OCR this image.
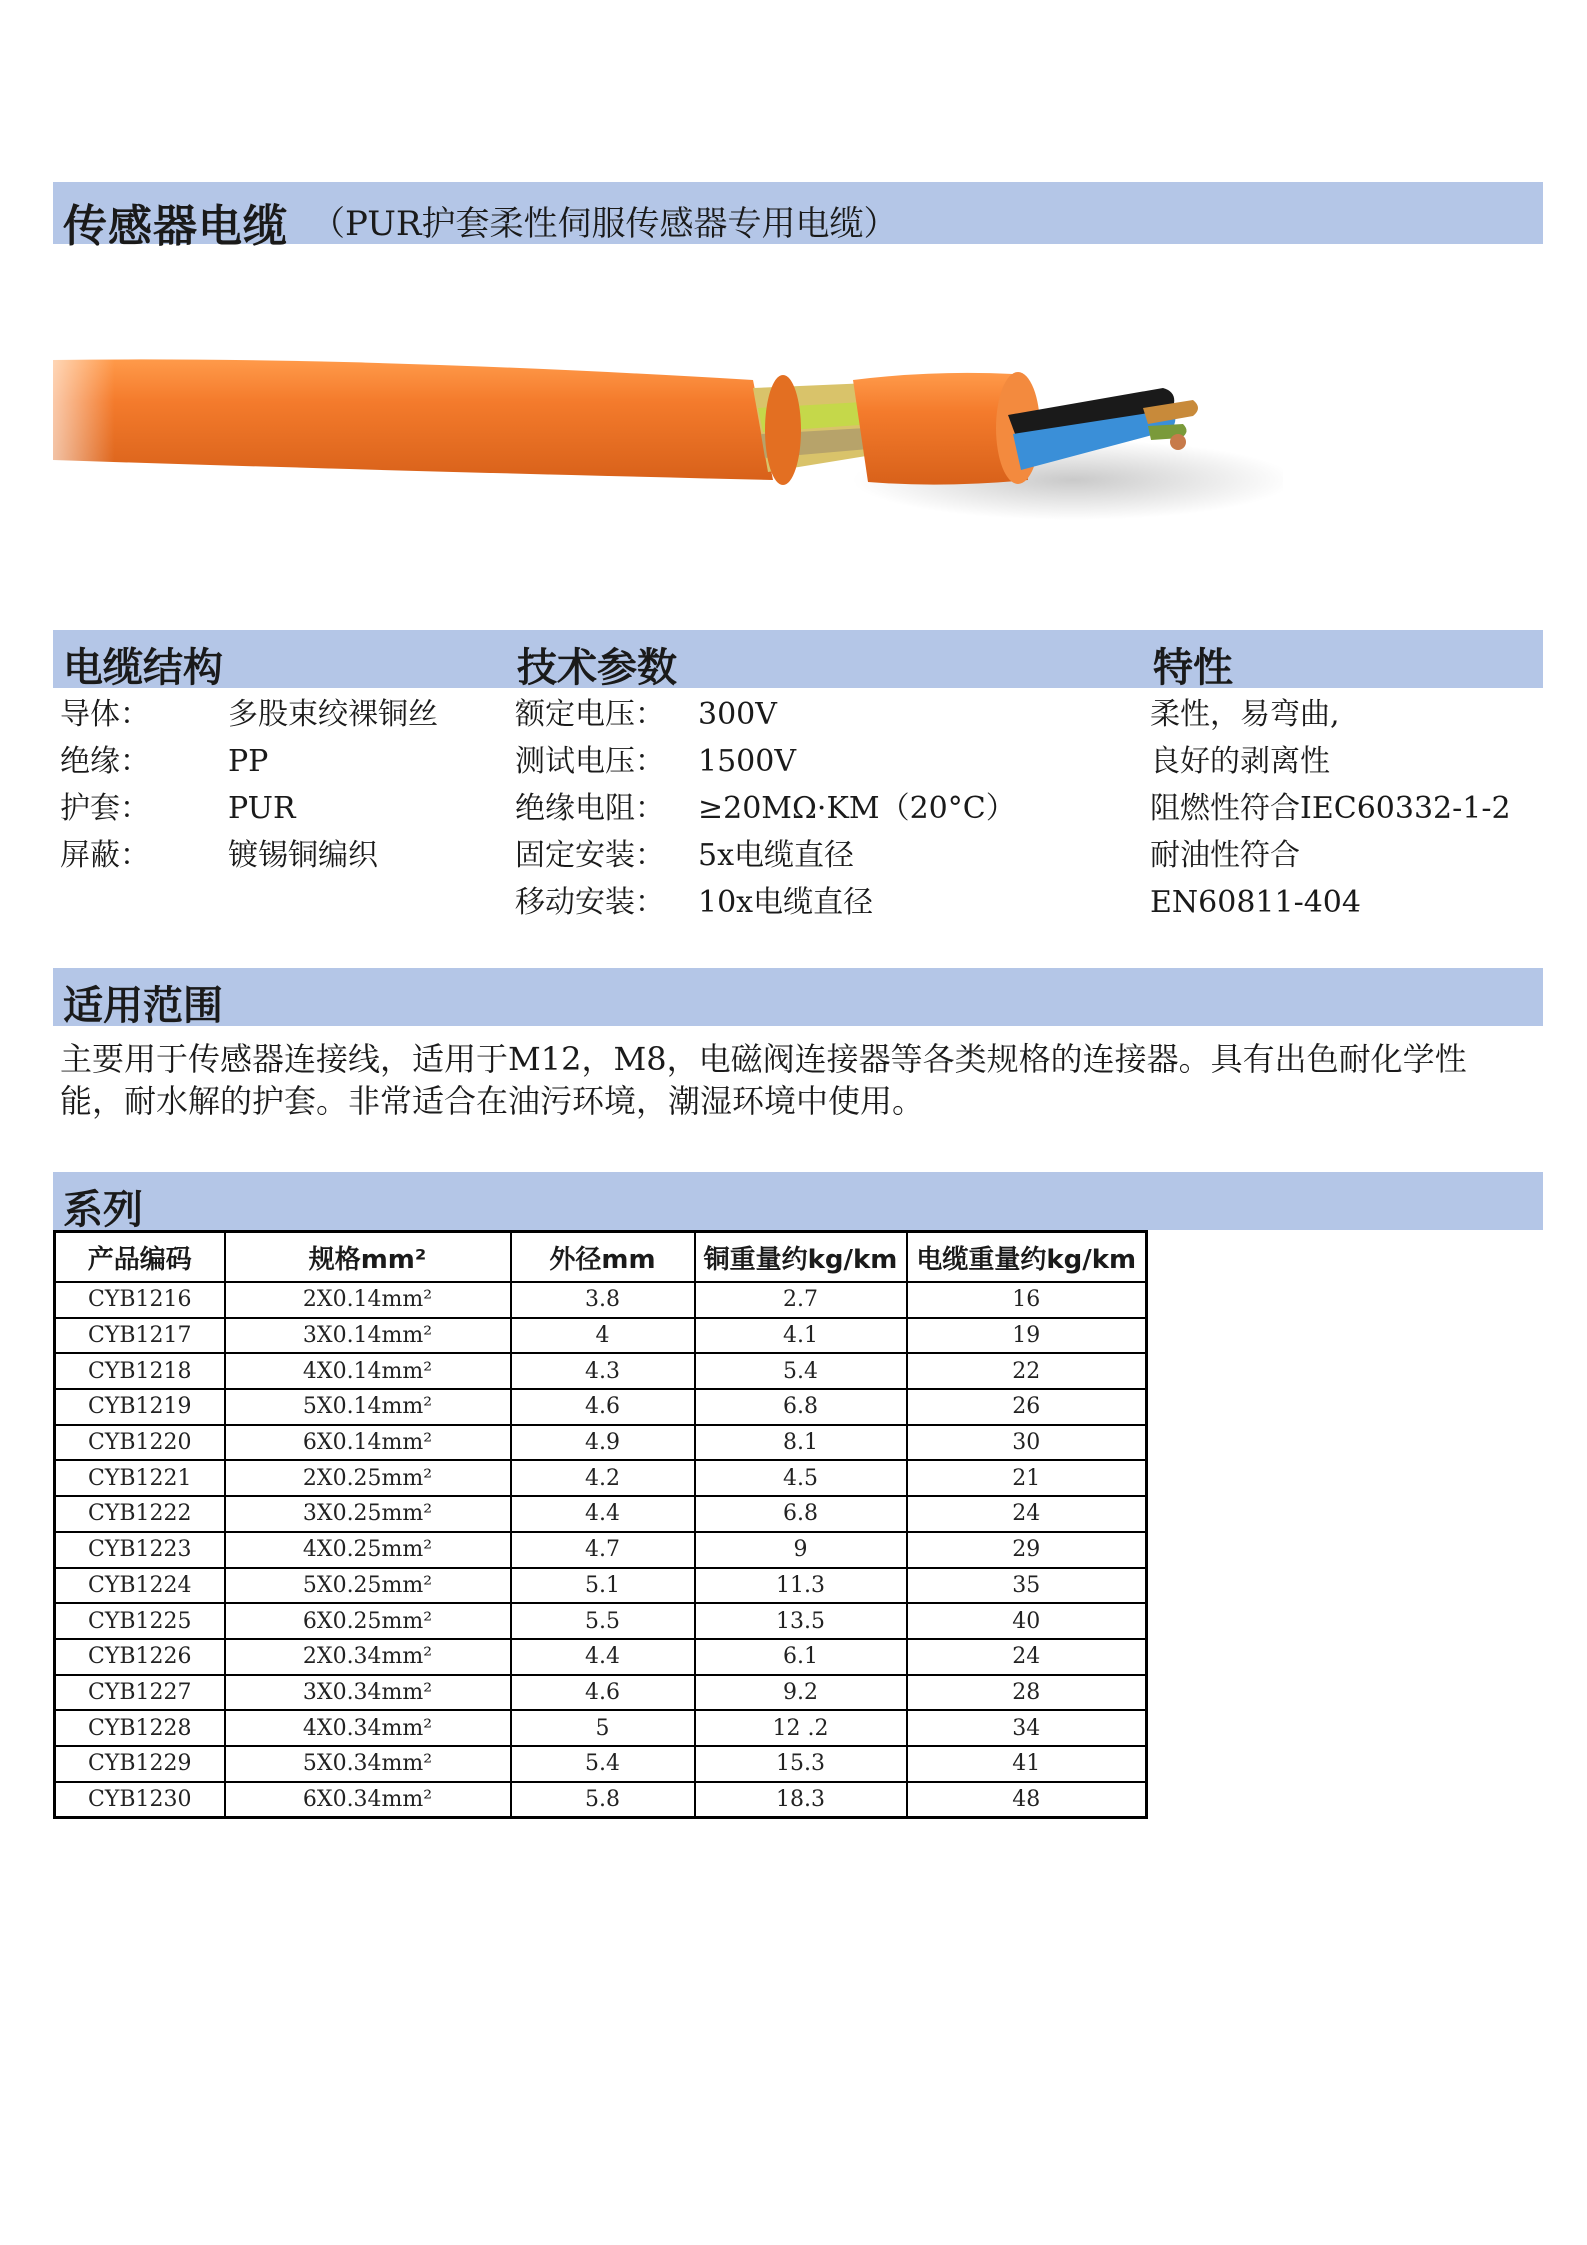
传感器电缆 （PUR护套柔性伺服传感器专用电缆）
电缆结构	技术参数	特性
导体：	多股束绞裸铜丝
绝缘：	PP
护套：	PUR
屏蔽：	镀锡铜编织
额定电压： 300V
测试电压： 1500V
绝缘电阻： ≥20MΩ·KM（20°C）
固定安装： 5x电缆直径
移动安装： 10x电缆直径
柔性，易弯曲,
良好的剥离性
阻燃性符合IEC60332-1-2
耐油性符合
EN60811-404
适用范围
主要用于传感器连接线，适用于M12，M8，电磁阀连接器等各类规格的连接器。具有出色耐化学性能，耐水解的护套。非常适合在油污环境，潮湿环境中使用。
系列
产品编码	规格mm²	外径mm	铜重量约kg/km	电缆重量约kg/km
CYB1216	2X0.14mm²	3.8	2.7	16
CYB1217	3X0.14mm²	4	4.1	19
CYB1218	4X0.14mm²	4.3	5.4	22
CYB1219	5X0.14mm²	4.6	6.8	26
CYB1220	6X0.14mm²	4.9	8.1	30
CYB1221	2X0.25mm²	4.2	4.5	21
CYB1222	3X0.25mm²	4.4	6.8	24
CYB1223	4X0.25mm²	4.7	9	29
CYB1224	5X0.25mm²	5.1	11.3	35
CYB1225	6X0.25mm²	5.5	13.5	40
CYB1226	2X0.34mm²	4.4	6.1	24
CYB1227	3X0.34mm²	4.6	9.2	28
CYB1228	4X0.34mm²	5	12 .2	34
CYB1229	5X0.34mm²	5.4	15.3	41
CYB1230	6X0.34mm²	5.8	18.3	48
